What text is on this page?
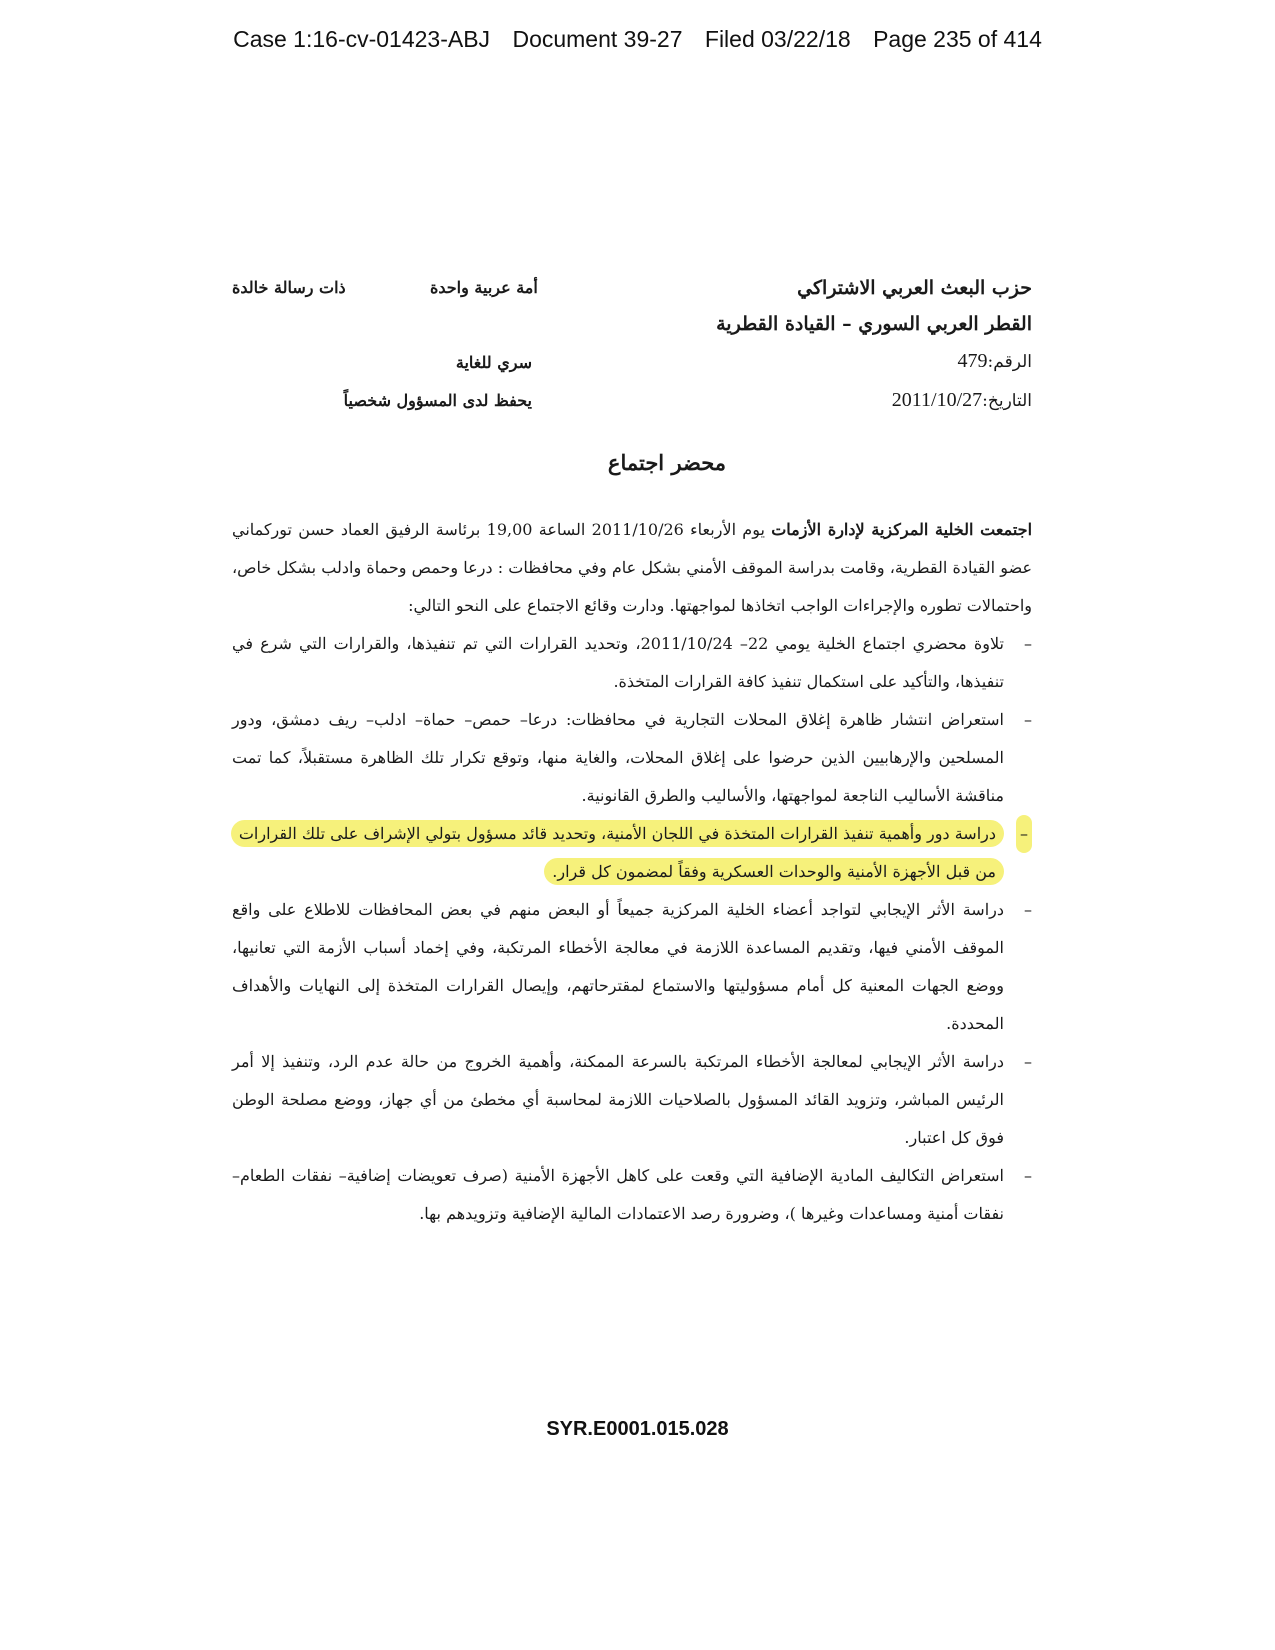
Case 1:16-cv-01423-ABJ Document 39-27 Filed 03/22/18 Page 235 of 414
حزب البعث العربي الاشتراكي
القطر العربي السوري – القيادة القطرية
الرقم:479
التاريخ:2011/10/27
أمة عربية واحدة
ذات رسالة خالدة
سري للغاية
يحفظ لدى المسؤول شخصياً
محضر اجتماع

اجتمعت الخلية المركزية لإدارة الأزمات يوم الأربعاء 2011/10/26 الساعة 19,00 برئاسة الرفيق العماد حسن توركماني عضو القيادة القطرية، وقامت بدراسة الموقف الأمني بشكل عام وفي محافظات : درعا وحمص وحماة وادلب بشكل خاص، واحتمالات تطوره والإجراءات الواجب اتخاذها لمواجهتها. ودارت وقائع الاجتماع على النحو التالي:

–
تلاوة محضري اجتماع الخلية يومي 22– 2011/10/24، وتحديد القرارات التي تم تنفيذها، والقرارات التي شرع في تنفيذها، والتأكيد على استكمال تنفيذ كافة القرارات المتخذة.
–
استعراض انتشار ظاهرة إغلاق المحلات التجارية في محافظات: درعا– حمص– حماة– ادلب– ريف دمشق، ودور المسلحين والإرهابيين الذين حرضوا على إغلاق المحلات، والغاية منها، وتوقع تكرار تلك الظاهرة مستقبلاً، كما تمت مناقشة الأساليب الناجعة لمواجهتها، والأساليب والطرق القانونية.
–
دراسة دور وأهمية تنفيذ القرارات المتخذة في اللجان الأمنية، وتحديد قائد مسؤول بتولي الإشراف على تلك القرارات من قبل الأجهزة الأمنية والوحدات العسكرية وفقاً لمضمون كل قرار.
–
دراسة الأثر الإيجابي لتواجد أعضاء الخلية المركزية جميعاً أو البعض منهم في بعض المحافظات للاطلاع على واقع الموقف الأمني فيها، وتقديم المساعدة اللازمة في معالجة الأخطاء المرتكبة، وفي إخماد أسباب الأزمة التي تعانيها، ووضع الجهات المعنية كل أمام مسؤوليتها والاستماع لمقترحاتهم، وإيصال القرارات المتخذة إلى النهايات والأهداف المحددة.
–
دراسة الأثر الإيجابي لمعالجة الأخطاء المرتكبة بالسرعة الممكنة، وأهمية الخروج من حالة عدم الرد، وتنفيذ إلا أمر الرئيس المباشر، وتزويد القائد المسؤول بالصلاحيات اللازمة لمحاسبة أي مخطئ من أي جهاز، ووضع مصلحة الوطن فوق كل اعتبار.
–
استعراض التكاليف المادية الإضافية التي وقعت على كاهل الأجهزة الأمنية (صرف تعويضات إضافية– نفقات الطعام– نفقات أمنية ومساعدات وغيرها )، وضرورة رصد الاعتمادات المالية الإضافية وتزويدهم بها.
SYR.E0001.015.028
